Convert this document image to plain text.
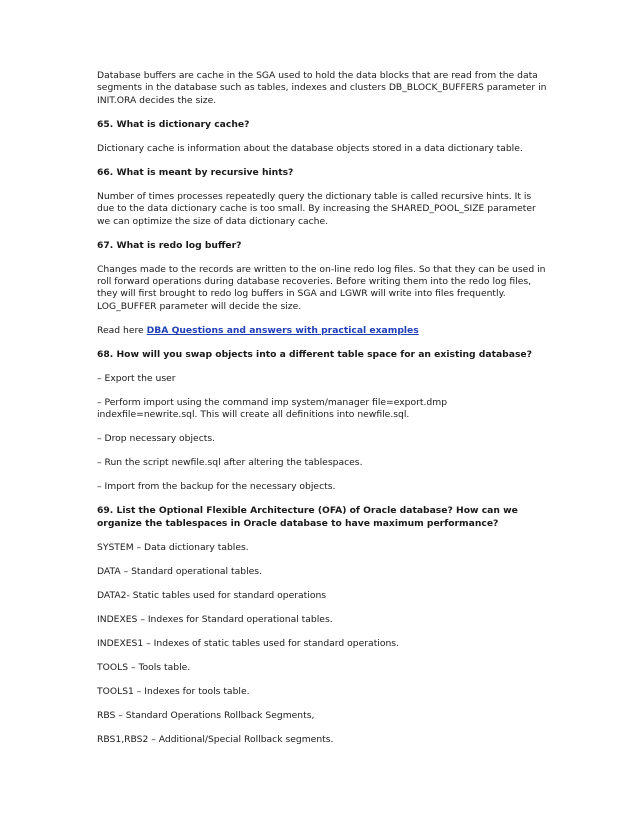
Database buffers are cache in the SGA used to hold the data blocks that are read from the data segments in the database such as tables, indexes and clusters DB_BLOCK_BUFFERS parameter in INIT.ORA decides the size.

65. What is dictionary cache?

Dictionary cache is information about the database objects stored in a data dictionary table.

66. What is meant by recursive hints?

Number of times processes repeatedly query the dictionary table is called recursive hints. It is due to the data dictionary cache is too small. By increasing the SHARED_POOL_SIZE parameter we can optimize the size of data dictionary cache.

67. What is redo log buffer?

Changes made to the records are written to the on-line redo log files. So that they can be used in roll forward operations during database recoveries. Before writing them into the redo log files, they will first brought to redo log buffers in SGA and LGWR will write into files frequently. LOG_BUFFER parameter will decide the size.

Read here DBA Questions and answers with practical examples

68. How will you swap objects into a different table space for an existing database?

– Export the user

– Perform import using the command imp system/manager file=export.dmp indexfile=newrite.sql. This will create all definitions into newfile.sql.

– Drop necessary objects.

– Run the script newfile.sql after altering the tablespaces.

– Import from the backup for the necessary objects.

69. List the Optional Flexible Architecture (OFA) of Oracle database? How can we organize the tablespaces in Oracle database to have maximum performance?

SYSTEM – Data dictionary tables.

DATA – Standard operational tables.

DATA2- Static tables used for standard operations

INDEXES – Indexes for Standard operational tables.

INDEXES1 – Indexes of static tables used for standard operations.

TOOLS – Tools table.

TOOLS1 – Indexes for tools table.

RBS – Standard Operations Rollback Segments,

RBS1,RBS2 – Additional/Special Rollback segments.
